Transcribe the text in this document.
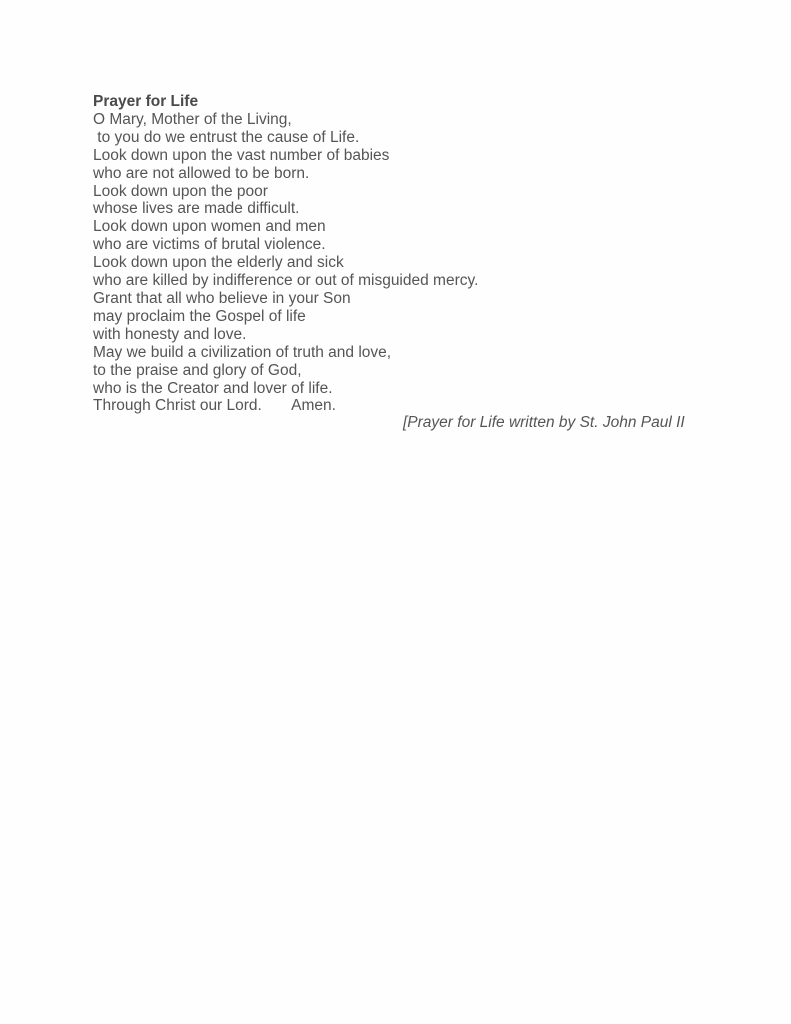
Prayer for Life
O Mary, Mother of the Living,
to you do we entrust the cause of Life.
Look down upon the vast number of babies
who are not allowed to be born.
Look down upon the poor
whose lives are made difficult.
Look down upon women and men
who are victims of brutal violence.
Look down upon the elderly and sick
who are killed by indifference or out of misguided mercy.
Grant that all who believe in your Son
may proclaim the Gospel of life
with honesty and love.
May we build a civilization of truth and love,
to the praise and glory of God,
who is the Creator and lover of life.
Through Christ our Lord.       Amen.
[Prayer for Life written by St. John Paul II
